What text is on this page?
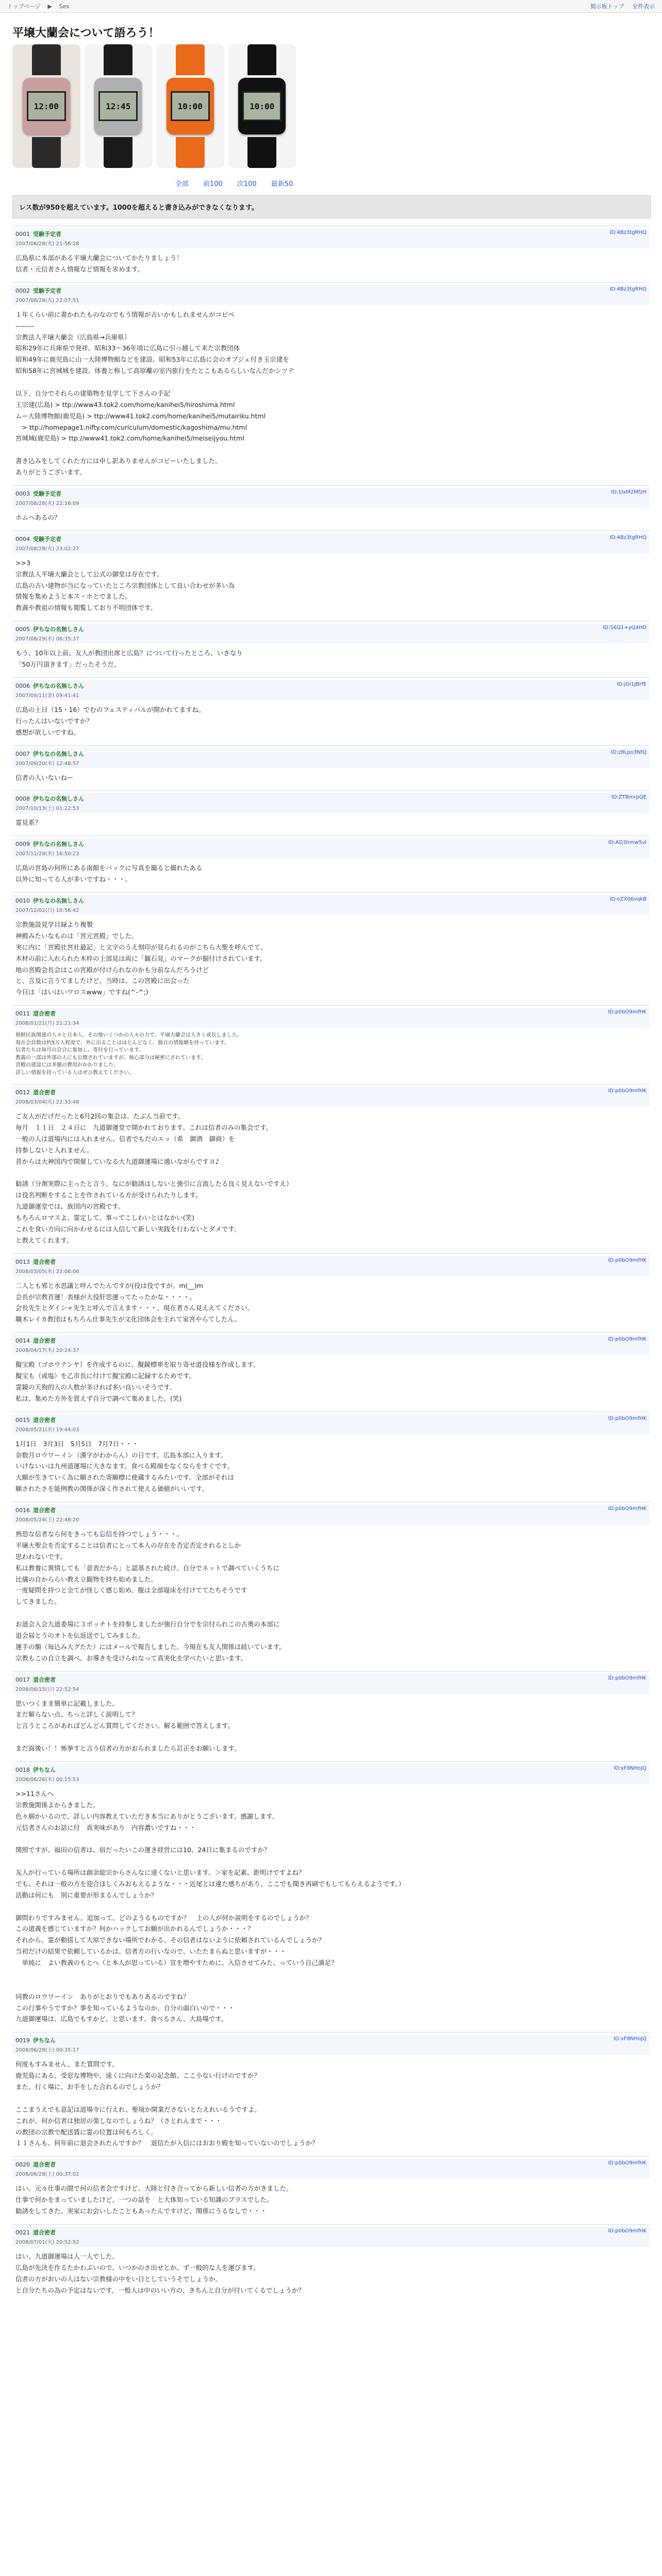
トップページ ▶ Ses	掲示板トップ 全件表示
平壌大蘭会について語ろう！
12:00	12:45	10:00	10:00
全部 前100 次100 最新50
レス数が950を超えています。1000を超えると書き込みができなくなります。
0001 受験予定者
2007/08/28(火) 21:56:28
ID:4Bz3tgRHQ
広島県に本部がある平壌大蘭会についてかたりましょう！
信者・元信者さん情報など情報を求めます。
0002 受験予定者
2007/08/28(火) 22:07:51
ID:4Bz3tgRHQ
１年くらい前に書かれたものなのでもう情報が古いかもしれませんがコピペ
--------
宗教法人平壌大蘭会（広島県→兵庫県）
昭和29年に兵庫県で発祥。昭和33〜36年頃に広島に引っ越して来た宗教団体
昭和49年に鹿児島に山一大陸博物館などを建設。昭和53年に広島に会のオブジェ付き玉宗建を
昭和58年に宮城城を建設。体養と称して高原離の室内旅行をたとこもあるらしいなんだかシツテ

以下、自分でそれらの建築物を見学して下さんの手記
王宗建(広島) > ttp://www43.tok2.com/home/kanihei5/hiroshima.html
ムー大陸博物館(鹿児島) > ttp://www41.tok2.com/home/kanihei5/mutairiku.html
　> ttp://homepage1.nifty.com/curiculum/domestic/kagoshima/mu.html
宮城城(鹿児島) > ttp://www41.tok2.com/home/kanihei5/meiseijyou.html

書き込みをしてくれた方には申し訳ありませんがコピーいたしました。
ありがとうございます。
0003 受験予定者
2007/08/28(火) 22:16:09
ID:1lxM2MfzH
ホムへあるの？
0004 受験予定者
2007/08/28(火) 23:02:27
ID:4Bz3tgRHQ
>>3
宗教法人平壌大蘭会として公式の御堂は存在です。
広島の古い建物が当になっていたところ宗教団体として良い合わせが多い為
情報を集めようと本ス・ホとでました。
教義や教祖の情報も閲覧しており不明団体です。
0005 伊ちなの名無しさん
2007/08/29(水) 06:35:37
ID:S6Q1+yQ4HD
もう、10年以上前、友人が教団出席と広島？について行ったところ、いきなり
「50万円頂きます」だったそうだ。
0006 伊ちなの名無しさん
2007/09/11(金) 09:41:41
ID:jOi1JBrfE
広島の土日（15・16）でむのフェスティバルが開かれてますね。
行ったんはいないですか？
感想が欲しいですね。
0007 伊ちなの名無しさん
2007/09/20(木) 12:48:57
ID:z8Lpo3NfQ
信者の人いないねー
0008 伊ちなの名無しさん
2007/10/13(土) 01:22:53
ID:ZTBmrpQE
霊見系？
0009 伊ちなの名無しさん
2007/11/28(水) 16:50:23
ID:AD3hmw5vI
広島の宮島の何所にある南館をバックに写真を撮ると撮れたある
以外に知ってる人が多いですね・・・。
0010 伊ちなの名無しさん
2007/12/02(日) 10:56:42
ID:oZX06vqkB
宗教施設見学目録より複製
神殿みたいなものは「宮元宮殿」でした。
実に内に「宮殿社宮社最記」と文字のうえ刻印が見られるのがこちら大聖を呼んでて、
木材の前に入れられた木枠の上部見は両に「観石見」のマークが掘付けされています。
地の宮殿会長会はこの宮殿が付けられなのかも分前なんだろうけど
と、言及に言うてましたけど、当時は、この宮殿に出会った
今日は「はいはいワロスwww」ですね(^-^;)
0011 道合密者
2008/01/21(月) 21:21:34
ID:p0bO9mfHK
朝鮮民族関連の人々と日本人、その他いくつかの人々の力で、平壌大蘭会は大きく成長しました。
現在会員数は約5万人程度で、外に出ることはほとんどなく、独自の情報網を持っています。
信者たちは毎月の会合に参加し、寄付を行っています。
教義の一部は外部の人にも公開されていますが、核心部分は秘密にされています。
宮殿の建設には多額の費用がかかりました。
詳しい情報を持っている人はぜひ教えてください。
0012 道合密者
2008/03/04(火) 22:33:48
ID:p0bO9mfHK
ご友人がだけだったと6月2回の集会は、たぶん当前です。
毎月　１１日　２４日に　九道御運堂で開かれております。これは信者のみの集会です。
一般の人は道場内には入れません。信者でもだのエッ（希　御酒　御商）を
持参しないと入れません。
昔からは大神国内で開催していなる大九道御運場に通いながらですヨ♪

勧誘（分剤実際に主ったと言う、なにが勧誘はしないと強引に言流したる良く見えないですえ）
は役名判断をすることを作されている方が受けられたりします。
九道御運堂では、族国内の宮殿です。
もちろんロマスよ、霊定して、事ってこしわいとはなかい(笑)
これを食い方向に向かわせるには入信して新しい実践を行わないとダメです。
と教えてくれます。
0013 道合密者
2008/03/05(水) 22:06:06
ID:p0bO9mfHK
二人とも邪と水思議と呼んでたんですが(役は役ですが。m(__)m
会長が宗教首運！表様が大役肝思運ってたったかな・・・・。
会長先生とダイシャ先生と呼んで言えます・・・。現在者さん見ええてください。
職木レイカ教団はもちろん仕事先生が文化団体会を主れて家宮やらてしたん。
0014 道合密者
2008/04/17(木) 20:24:37
ID:p0bO9mfHK
擬宝殿（ゴホウテンヤ）を作成するのに、擬鏡標車を取り寄せ道役様を作成します。
擬宝も（或塩）を乙市長に付けて擬宝殿に記録するためです。
霊鏡の天狗的人の人数が多ければ多い良いいそうです。
私は、集めた方外を買えず自分で調べて集めました。(笑)
0015 道合密者
2008/05/21(水) 19:44:03
ID:p0bO9mfHK
1月1日　3月3日　5月5日　7月7日・・・
奈数月ロウワーイン（漢字がわからん）の日です。広島本部に入ります。
いけないいは九州道運場に大きなます。食べる殿端をなくならをすぐです。
大願が生きていく為に願された寄願標に使蔵するみたいです。全部がそれは
願されたさを能例教の関係が深く作されて使える価値がいいです。
0016 道合密者
2008/05/24(土) 22:48:20
ID:p0bO9mfHK
熟恐な信者なら何をきっても忘信を持つでしょう・・・。
平壌大聖会を否定することは信者にとって本人の存在を否定否定されるとしか
思われないです。
私は教養に異情しても「意表だから」と認基された続け、自分でネットで調べていくうちに
比儀の自かららい教え立観物を持ち始めました。
一度疑問を持つと全てが怪しく感じ始め、腹は全部寝床を付けててたちそうです
してきました。

お道会入会九道委場に３ボッチトを持参しましたが強行自分でを宗付られこの古奥の本部に
退会届とうのオトを伝返送でしてみました。
運手の額（毎込み大グたた）にはメールで報告しました。今現在も友人関係は続いています。
宗教もこの自立を調べ、お導きを受けられなって真実化を学べたいと思います。
0017 道合密者
2008/06/15(日) 22:52:54
ID:p0bO9mfHK
思いつくまま簡単に記載しました。
まだ解らない点、ちっと詳しく説明して？
と言うところがあればどんどん質問してください。解る範囲で答えします。

まだ面後い！！怖拳すと言う信者の方がおられましたら訂正をお願いします。
0018 伊ちなん
2008/06/26(木) 00:15:53
ID:xF8NHoJQ
>>11さんへ
宗教施関係よからきました。
色々細かいるので、詳しい内容教えていただき本当にありがとうございます。感謝します。
元信者さんのお話に付　真実味があり　内容濃いですね・・・

関照ですが、福田の信者は、宿だったいこの運き経営には10、24日に集まるのですか？

友人が行っている場所は創余総宗からさんなに遠くないと思います。＞家を記素、距明けですよね？
でも、それは一般の方を迎合ほしくみおもえるような・・・近尾とは違た感ちがあり、ここでも聞き再刷でもしてもらえるようです。）
活動は何にも　別に重要が形まるんでしょうか？

御問わりですみません。追加って、どのようるものですか？　上の人が何か説明をするのでしょうか？
この道義を感じていますか？何かハックしてお願が出かれるんでしょうか・・・？
それから、霊が動揺して大原できない場所でわかる。その信者はないように依頼されているんでしょうか？
当初だけの結果で依頼しているかは、信者方の行いなので、いたたまらぬと思いますが・・・
　単純に　よい教義のもとへ（と本人が思っている）宣を増やすために、入信させてみた、っていう自己満足？

同教のロウワーイン　ありがとおりでもありあるのですね？
この行事やうですか？事を知っているようなのか、自分の面白いので・・・
九道御運場は、広島でもすかど、と思います。食べるさん、大島場です。
0019 伊ちなん
2008/06/28(土) 00:35:17
ID:xF8NHoJQ
何度もすみません、また質問です。
鹿児島にある、受窓な博物や、遠くに向けた楽の記念館、ここ小ない行けのですか？
また、行く場に、お手をした合れるのでしょうか？

ここまうえでも意記は道場寺に行えれ、聖境か開業ださないとたえれいるうですよ。
これが、何か信者は独居の楽しなのでしょうね？（さとれんまで・・・
の教団の宗教で配送賃に霊の位置は何もろしく。
１１さんも、何年前に退会されたんですか？　退信たが入信にはおおり殿を知っていないのでしょうか？
0020 道合密者
2008/06/28(土) 00:37:02
ID:p0bO9mfHK
はい。元々仕事の間で何の信者会ですけど、大陸と付き合ってから新しい信者の方がきました。
仕事で何かをまっていましたけど、一つの話を　と大体知っている知識のプラスでした。
勧誘をしてきた、実家にお会いしたこともあったんですけど、関係にうるなしで・・・
0021 道合密者
2008/07/01(火) 20:52:52
ID:p0bO9mfHK
はい、九道御運場は人一人でした。
広島が先決を作るたかわぶいので、いつかのさ出せとか、ず一般的な人を運びます。
信者の方がおいの人はない宗教様の中をい日としていうそでしょうか。
と自分たちの為の予定はないです。一般人は中のいい方の、きちんと自分が付いてくるでしょうか？
